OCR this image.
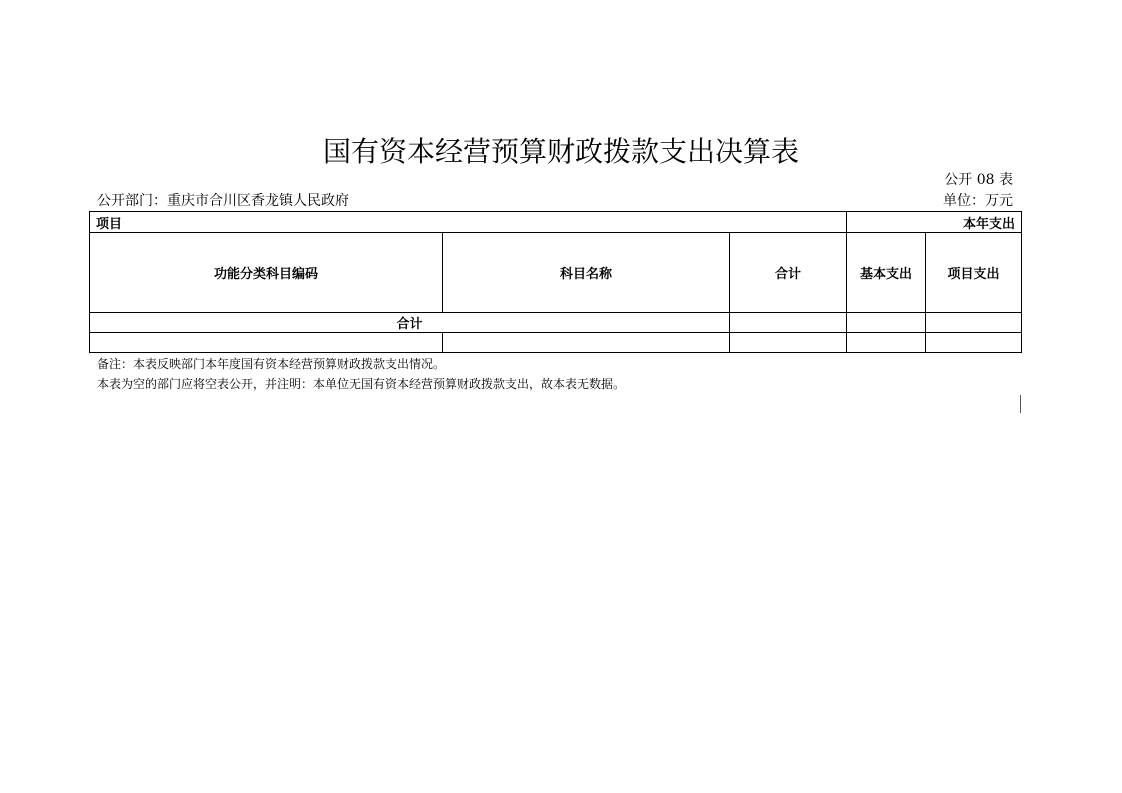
国有资本经营预算财政拨款支出决算表
公开 08 表
公开部门：重庆市合川区香龙镇人民政府	单位：万元
项目			本年支出	
功能分类科目编码	科目名称	合计	基本支出	项目支出
合计				

备注：本表反映部门本年度国有资本经营预算财政拨款支出情况。
本表为空的部门应将空表公开，并注明：本单位无国有资本经营预算财政拨款支出，故本表无数据。
